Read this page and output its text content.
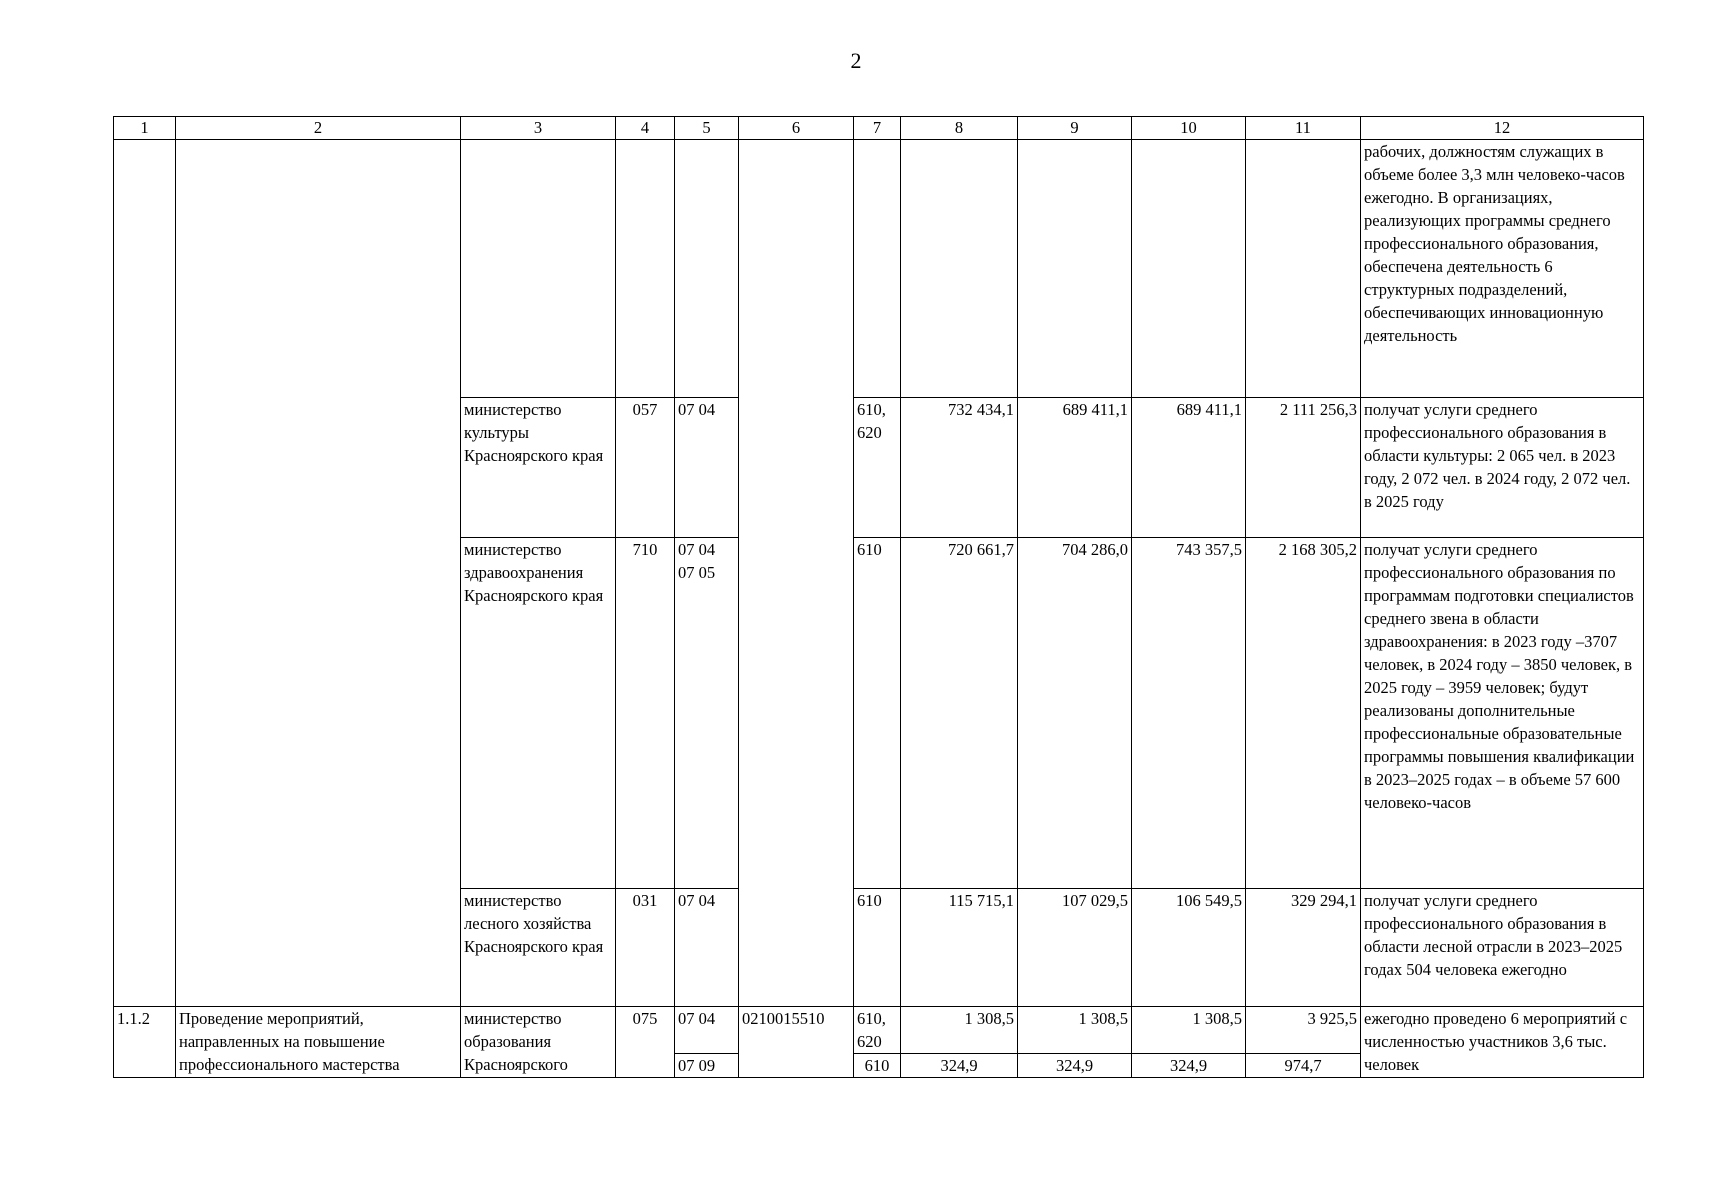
2
1	2	3	4	5	6	7	8	9	10	11	12
											рабочих, должностям служащих в объеме более 3,3 млн человеко-часов ежегодно. В организациях, реализующих программы среднего профессионального образования, обеспечена деятельность 6 структурных подразделений, обеспечивающих инновационную деятельность
		министерство культуры Красноярского края	057	07 04		610, 620	732 434,1	689 411,1	689 411,1	2 111 256,3	получат услуги среднего профессионального образования в области культуры: 2 065 чел. в 2023 году, 2 072 чел. в 2024 году, 2 072 чел. в 2025 году
		министерство здравоохранения Красноярского края	710	07 04 07 05		610	720 661,7	704 286,0	743 357,5	2 168 305,2	получат услуги среднего профессионального образования по программам подготовки специалистов среднего звена в области здравоохранения: в 2023 году –3707 человек, в 2024 году – 3850 человек, в 2025 году – 3959 человек; будут реализованы дополнительные профессиональные образовательные программы повышения квалификации в 2023–2025 годах – в объеме 57 600 человеко-часов
		министерство лесного хозяйства Красноярского края	031	07 04		610	115 715,1	107 029,5	106 549,5	329 294,1	получат услуги среднего профессионального образования в области лесной отрасли в 2023–2025 годах 504 человека ежегодно
1.1.2	Проведение мероприятий, направленных на повышение профессионального мастерства	министерство образования Красноярского	075	07 04	0210015510	610, 620	1 308,5	1 308,5	1 308,5	3 925,5	ежегодно проведено 6 мероприятий с численностью участников 3,6 тыс. человек
				07 09		610	324,9	324,9	324,9	974,7	
